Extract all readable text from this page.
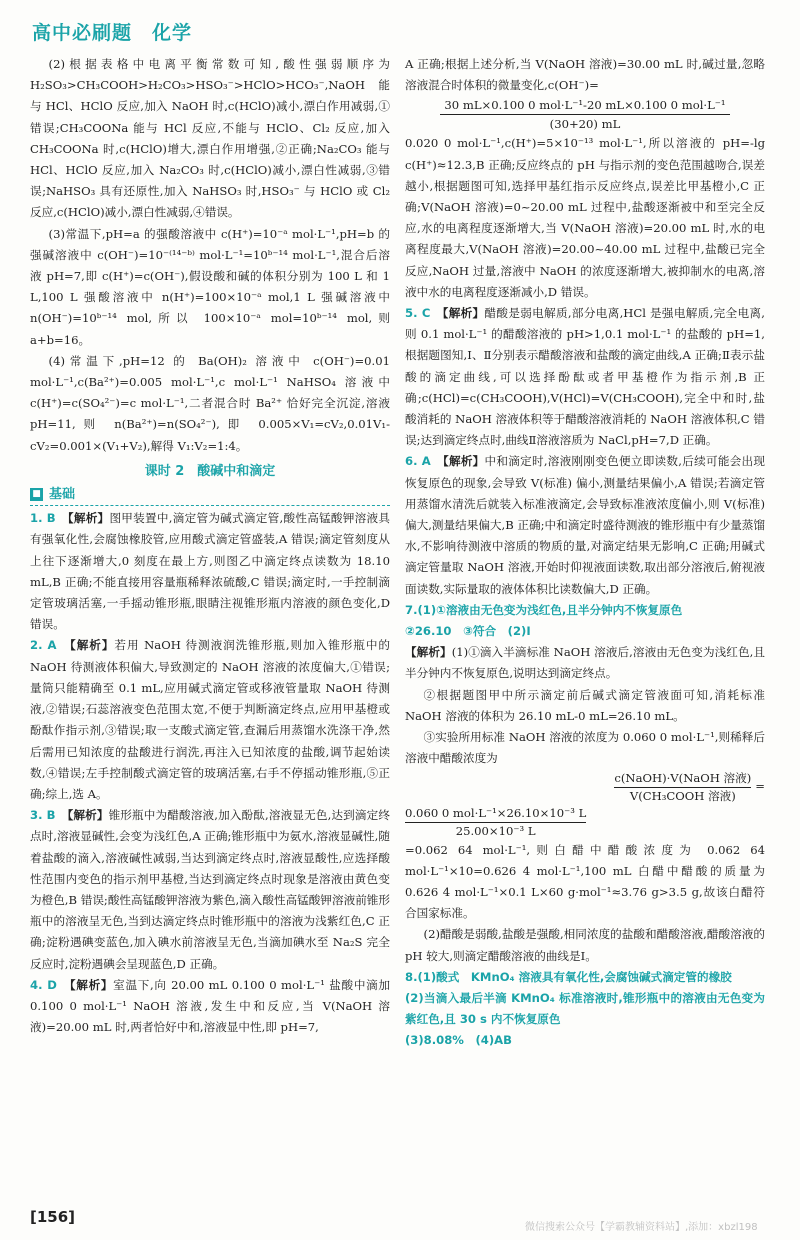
高中必刷题　化学

(2)根据表格中电离平衡常数可知,酸性强弱顺序为 H₂SO₃>CH₃COOH>H₂CO₃>HSO₃⁻>HClO>HCO₃⁻,NaOH 能与 HCl、HClO 反应,加入 NaOH 时,c(HClO)减小,漂白作用减弱,①错误;CH₃COONa 能与 HCl 反应,不能与 HClO、Cl₂ 反应,加入 CH₃COONa 时,c(HClO)增大,漂白作用增强,②正确;Na₂CO₃ 能与 HCl、HClO 反应,加入 Na₂CO₃ 时,c(HClO)减小,漂白性减弱,③错误;NaHSO₃ 具有还原性,加入 NaHSO₃ 时,HSO₃⁻ 与 HClO 或 Cl₂ 反应,c(HClO)减小,漂白性减弱,④错误。

(3)常温下,pH=a 的强酸溶液中 c(H⁺)=10⁻ᵃ mol·L⁻¹,pH=b 的强碱溶液中 c(OH⁻)=10⁻⁽¹⁴⁻ᵇ⁾ mol·L⁻¹=10ᵇ⁻¹⁴ mol·L⁻¹,混合后溶液 pH=7,即 c(H⁺)=c(OH⁻),假设酸和碱的体积分别为 100 L 和 1 L,100 L 强酸溶液中 n(H⁺)=100×10⁻ᵃ mol,1 L 强碱溶液中 n(OH⁻)=10ᵇ⁻¹⁴ mol,所以 100×10⁻ᵃ mol=10ᵇ⁻¹⁴ mol,则 a+b=16。

(4)常温下,pH=12 的 Ba(OH)₂ 溶液中 c(OH⁻)=0.01 mol·L⁻¹,c(Ba²⁺)=0.005 mol·L⁻¹,c mol·L⁻¹ NaHSO₄ 溶液中 c(H⁺)=c(SO₄²⁻)=c mol·L⁻¹,二者混合时 Ba²⁺ 恰好完全沉淀,溶液 pH=11,则 n(Ba²⁺)=n(SO₄²⁻),即 0.005×V₁=cV₂,0.01V₁-cV₂=0.001×(V₁+V₂),解得 V₁:V₂=1:4。

课时 2　酸碱中和滴定

■ 基础

1. B　 【解析】图甲装置中,滴定管为碱式滴定管,酸性高锰酸钾溶液具有强氧化性,会腐蚀橡胶管,应用酸式滴定管盛装,A 错误;滴定管刻度从上往下逐渐增大,0 刻度在最上方,则图乙中滴定终点读数为 18.10 mL,B 正确;不能直接用容量瓶稀释浓硫酸,C 错误;滴定时,一手控制滴定管玻璃活塞,一手摇动锥形瓶,眼睛注视锥形瓶内溶液的颜色变化,D 错误。

2. A　 【解析】若用 NaOH 待测液润洗锥形瓶,则加入锥形瓶中的 NaOH 待测液体积偏大,导致测定的 NaOH 溶液的浓度偏大,①错误;量筒只能精确至 0.1 mL,应用碱式滴定管或移液管量取 NaOH 待测液,②错误;石蕊溶液变色范围太宽,不便于判断滴定终点,应用甲基橙或酚酞作指示剂,③错误;取一支酸式滴定管,查漏后用蒸馏水洗涤干净,然后需用已知浓度的盐酸进行润洗,再注入已知浓度的盐酸,调节起始读数,④错误;左手控制酸式滴定管的玻璃活塞,右手不停摇动锥形瓶,⑤正确;综上,选 A。

3. B　 【解析】锥形瓶中为醋酸溶液,加入酚酞,溶液显无色,达到滴定终点时,溶液显碱性,会变为浅红色,A 正确;锥形瓶中为氨水,溶液显碱性,随着盐酸的滴入,溶液碱性减弱,当达到滴定终点时,溶液显酸性,应选择酸性范围内变色的指示剂甲基橙,当达到滴定终点时现象是溶液由黄色变为橙色,B 错误;酸性高锰酸钾溶液为紫色,滴入酸性高锰酸钾溶液前锥形瓶中的溶液呈无色,当到达滴定终点时锥形瓶中的溶液为浅紫红色,C 正确;淀粉遇碘变蓝色,加入碘水前溶液呈无色,当滴加碘水至 Na₂S 完全反应时,淀粉遇碘会呈现蓝色,D 正确。

4. D　 【解析】室温下,向 20.00 mL 0.100 0 mol·L⁻¹ 盐酸中滴加 0.100 0 mol·L⁻¹ NaOH 溶液,发生中和反应,当 V(NaOH 溶液)=20.00 mL 时,两者恰好中和,溶液显中性,即 pH=7,

A 正确;根据上述分析,当 V(NaOH 溶液)=30.00 mL 时,碱过量,忽略溶液混合时体积的微量变化,c(OH⁻)=

30 mL×0.100 0 mol·L⁻¹-20 mL×0.100 0 mol·L⁻¹
(30+20) mL

0.020 0 mol·L⁻¹,c(H⁺)=5×10⁻¹³ mol·L⁻¹,所以溶液的 pH=-lg c(H⁺)≈12.3,B 正确;反应终点的 pH 与指示剂的变色范围越吻合,误差越小,根据题图可知,选择甲基红指示反应终点,误差比甲基橙小,C 正确;V(NaOH 溶液)=0~20.00 mL 过程中,盐酸逐渐被中和至完全反应,水的电离程度逐渐增大,当 V(NaOH 溶液)=20.00 mL 时,水的电离程度最大,V(NaOH 溶液)=20.00~40.00 mL 过程中,盐酸已完全反应,NaOH 过量,溶液中 NaOH 的浓度逐渐增大,被抑制水的电离,溶液中水的电离程度逐渐减小,D 错误。

5. C　 【解析】醋酸是弱电解质,部分电离,HCl 是强电解质,完全电离,则 0.1 mol·L⁻¹ 的醋酸溶液的 pH>1,0.1 mol·L⁻¹ 的盐酸的 pH=1,根据题图知,Ⅰ、Ⅱ分别表示醋酸溶液和盐酸的滴定曲线,A 正确;Ⅱ表示盐酸的滴定曲线,可以选择酚酞或者甲基橙作为指示剂,B 正确;c(HCl)=c(CH₃COOH),V(HCl)=V(CH₃COOH),完全中和时,盐酸消耗的 NaOH 溶液体积等于醋酸溶液消耗的 NaOH 溶液体积,C 错误;达到滴定终点时,曲线Ⅱ溶液溶质为 NaCl,pH=7,D 正确。

6. A　 【解析】中和滴定时,溶液刚刚变色便立即读数,后续可能会出现恢复原色的现象,会导致 V(标准) 偏小,测量结果偏小,A 错误;若滴定管用蒸馏水清洗后就装入标准液滴定,会导致标准液浓度偏小,则 V(标准) 偏大,测量结果偏大,B 正确;中和滴定时盛待测液的锥形瓶中有少量蒸馏水,不影响待测液中溶质的物质的量,对滴定结果无影响,C 正确;用碱式滴定管量取 NaOH 溶液,开始时仰视液面读数,取出部分溶液后,俯视液面读数,实际量取的液体体积比读数偏大,D 正确。

7.(1)①溶液由无色变为浅红色,且半分钟内不恢复原色

②26.10　③符合　(2)Ⅰ

【解析】(1)①滴入半滴标准 NaOH 溶液后,溶液由无色变为浅红色,且半分钟内不恢复原色,说明达到滴定终点。

②根据题图甲中所示滴定前后碱式滴定管液面可知,消耗标准 NaOH 溶液的体积为 26.10 mL-0 mL=26.10 mL。

③实验所用标准 NaOH 溶液的浓度为 0.060 0 mol·L⁻¹,则稀释后溶液中醋酸浓度为

c(NaOH)·V(NaOH 溶液)
V(CH₃COOH 溶液)
=
0.060 0 mol·L⁻¹×26.10×10⁻³ L
25.00×10⁻³ L

=0.062 64 mol·L⁻¹,则白醋中醋酸浓度为 0.062 64 mol·L⁻¹×10=0.626 4 mol·L⁻¹,100 mL 白醋中醋酸的质量为 0.626 4 mol·L⁻¹×0.1 L×60 g·mol⁻¹≈3.76 g>3.5 g,故该白醋符合国家标准。

(2)醋酸是弱酸,盐酸是强酸,相同浓度的盐酸和醋酸溶液,醋酸溶液的 pH 较大,则滴定醋酸溶液的曲线是Ⅰ。

8.(1)酸式　KMnO₄ 溶液具有氧化性,会腐蚀碱式滴定管的橡胶

(2)当滴入最后半滴 KMnO₄ 标准溶液时,锥形瓶中的溶液由无色变为紫红色,且 30 s 内不恢复原色

(3)8.08%　(4)AB

[156]
微信搜索公众号【学霸教辅资料站】,添加：xbzl198
